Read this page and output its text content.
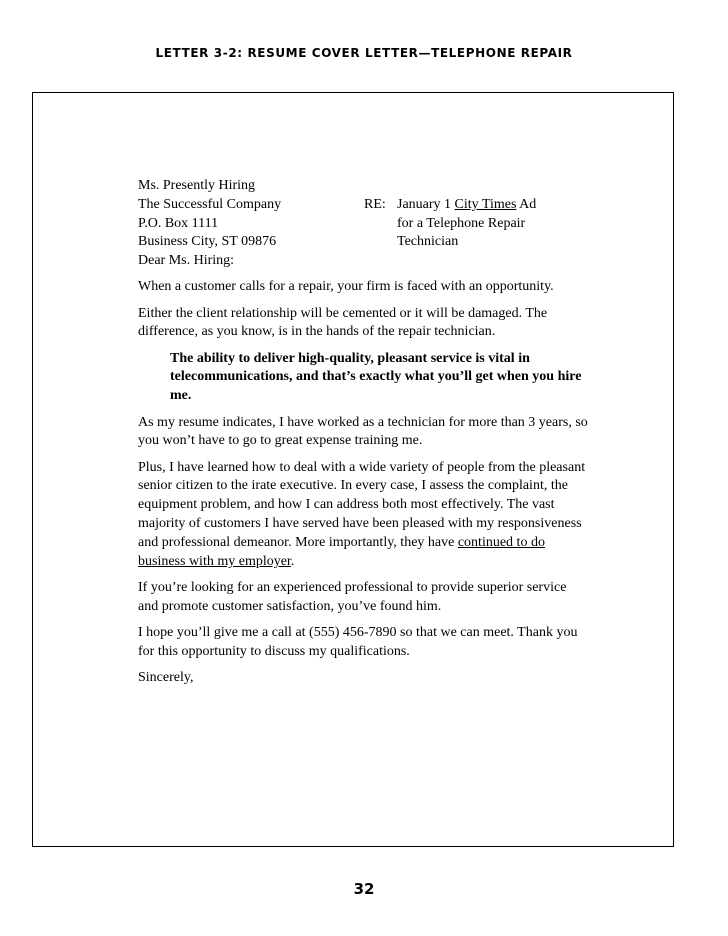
LETTER 3-2: RESUME COVER LETTER—TELEPHONE REPAIR
Ms. Presently Hiring
The Successful Company
P.O. Box 1111
Business City, ST 09876
RE: January 1 City Times Ad
for a Telephone Repair
Technician

Dear Ms. Hiring:

When a customer calls for a repair, your firm is faced with an opportunity.

Either the client relationship will be cemented or it will be damaged. The difference, as you know, is in the hands of the repair technician.

The ability to deliver high-quality, pleasant service is vital in telecommunications, and that’s exactly what you’ll get when you hire me.

As my resume indicates, I have worked as a technician for more than 3 years, so you won’t have to go to great expense training me.

Plus, I have learned how to deal with a wide variety of people from the pleasant senior citizen to the irate executive. In every case, I assess the complaint, the equipment problem, and how I can address both most effectively. The vast majority of customers I have served have been pleased with my responsiveness and professional demeanor. More importantly, they have continued to do business with my employer.

If you’re looking for an experienced professional to provide superior service and promote customer satisfaction, you’ve found him.

I hope you’ll give me a call at (555) 456-7890 so that we can meet. Thank you for this opportunity to discuss my qualifications.

Sincerely,

32
